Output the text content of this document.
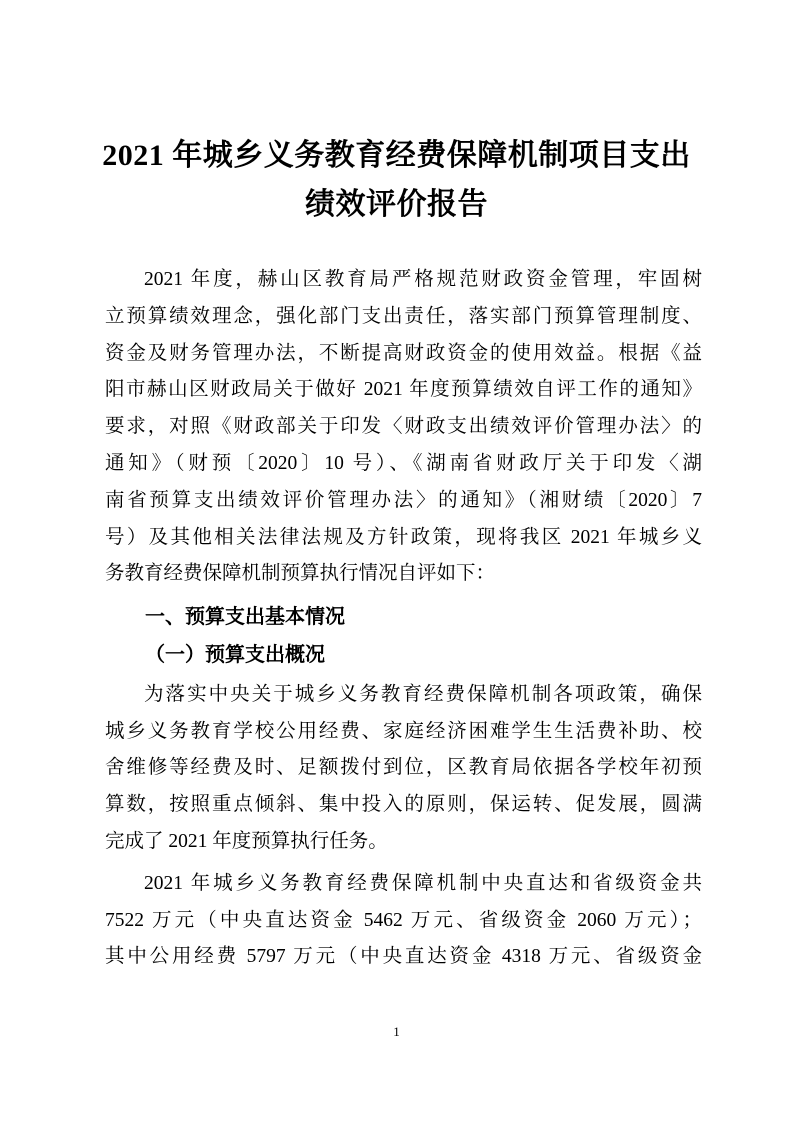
2021 年城乡义务教育经费保障机制项目支出
绩效评价报告
2021 年度，赫山区教育局严格规范财政资金管理，牢固树
立预算绩效理念，强化部门支出责任，落实部门预算管理制度、
资金及财务管理办法，不断提高财政资金的使用效益。根据《益
阳市赫山区财政局关于做好 2021 年度预算绩效自评工作的通知》
要求，对照《财政部关于印发〈财政支出绩效评价管理办法〉的
通知》（财预〔2020〕10 号）、《湖南省财政厅关于印发〈湖
南省预算支出绩效评价管理办法〉的通知》（湘财绩〔2020〕7
号）及其他相关法律法规及方针政策，现将我区 2021 年城乡义
务教育经费保障机制预算执行情况自评如下：
一、预算支出基本情况
（一）预算支出概况
为落实中央关于城乡义务教育经费保障机制各项政策，确保
城乡义务教育学校公用经费、家庭经济困难学生生活费补助、校
舍维修等经费及时、足额拨付到位，区教育局依据各学校年初预
算数，按照重点倾斜、集中投入的原则，保运转、促发展，圆满
完成了 2021 年度预算执行任务。
2021 年城乡义务教育经费保障机制中央直达和省级资金共
7522 万元（中央直达资金 5462 万元、省级资金 2060 万元）；
其中公用经费 5797 万元（中央直达资金 4318 万元、省级资金
1
